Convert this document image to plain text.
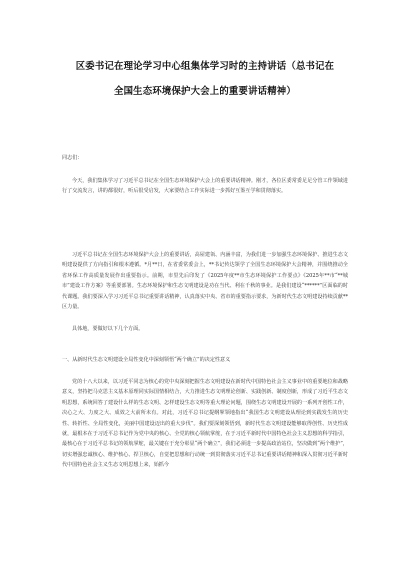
区委书记在理论学习中心组集体学习时的主持讲话（总书记在
全国生态环境保护大会上的重要讲话精神）
同志们：
今天，我们集体学习了习近平总书记在全国生态环境保护大会上的重要讲话精神。刚才，各位区委常委足足分管工作领域进行了交流发言，讲的都很好，听后很受启发，大家要结合工作实际进一步抓好互鉴互学和贯彻落实。
习近平总书记在全国生态环境保护大会上的重要讲话，高屋建瓴、内涵丰富，为我们进一步加强生态环境保护、推进生态文明建设提供了方向指引和根本遵循。*月**日，在省委常委会上，**书记传达领学了全国生态环境保护大会精神，并围绕推动全省环保工作高质量发展作出重要指示。前期，市里先后印发了《2025年度**市生态环境保护工作要点》《2025年**市“**城市”建设工作方案》等重要部署。生态环境保护和生态文明建设是功在当代、利在千秋的事业。是我们建设“******”区面临的时代课题。我们要深入学习习近平总书记重要讲话精神，认真落实中央、省市的重要指示要求，为新时代生态文明建设持续贡献**区力量。
具体地，要做好以下几个方面。
一、从新时代生态文明建设全局性变化中深刻领悟“两个确立”的决定性意义
党的十八大以来，以习近平同志为核心的党中央深刻把握生态文明建设在新时代中国特色社会主义事业中的重要地位和战略意义，坚持把马克思主义基本原理同实际国情相结合，大力推进生态文明理论创新、实践创新、制度创新，形成了习近平生态文明思想，系统回答了建设什么样的生态文明、怎样建设生态文明等重大理论问题，围绕生态文明建设开展的一系列开创性工作，决心之大、力度之大、成效之大前所未有。对此，习近平总书记提纲挈领地指出“我国生态文明建设从理论到实践发生的历史性、转折性、全局性变化，美丽中国建设迈出的重大步伐”。我们要深刻领悟到，新时代生态文明建设能够取得创性、历史性成就，最根本在于习近平总书记作为党中央的核心、全党的核心领航掌舵，在于习近平新时代中国特色社会主义思想的科学指引，最核心在于习近平总书记的领航掌舵，最关键在于充分彰显“两个确立”，我们必须进一步提高政治站位，坚决做到“两个维护”，切实增强忠诚核心、维护核心、捍卫核心，自觉把思想和行动统一到贯彻落实习近平总书记重要讲话精神和深入贯彻习近平新时代中国特色社会主义生态文明思想上来，始抓今
